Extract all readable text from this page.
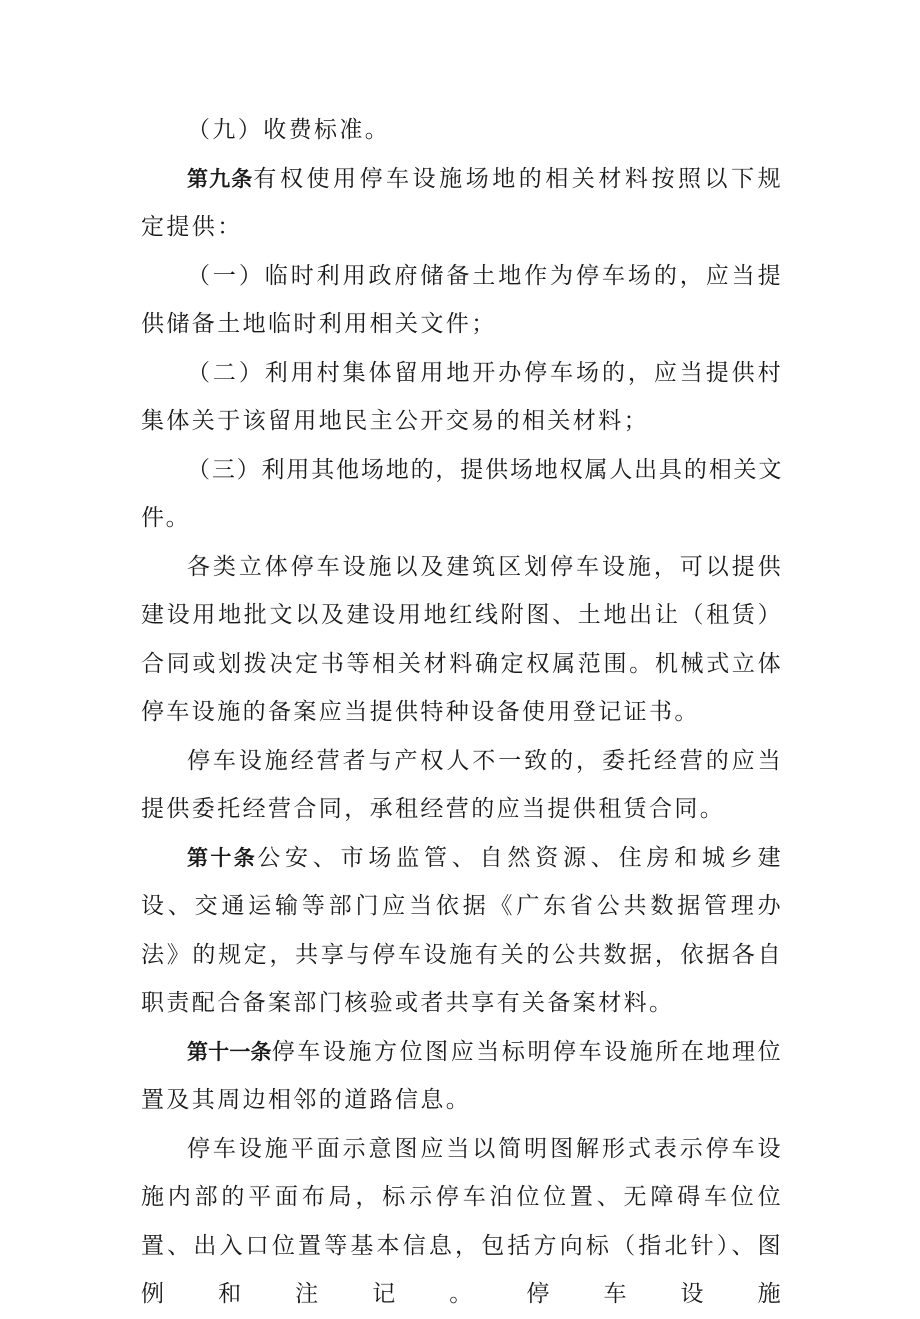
（九）收费标准。

第九条有权使用停车设施场地的相关材料按照以下规定提供：

（一）临时利用政府储备土地作为停车场的，应当提供储备土地临时利用相关文件；

（二）利用村集体留用地开办停车场的，应当提供村集体关于该留用地民主公开交易的相关材料；

（三）利用其他场地的，提供场地权属人出具的相关文件。

各类立体停车设施以及建筑区划停车设施，可以提供建设用地批文以及建设用地红线附图、土地出让（租赁）合同或划拨决定书等相关材料确定权属范围。机械式立体停车设施的备案应当提供特种设备使用登记证书。

停车设施经营者与产权人不一致的，委托经营的应当提供委托经营合同，承租经营的应当提供租赁合同。

第十条公安、市场监管、自然资源、住房和城乡建设、交通运输等部门应当依据《广东省公共数据管理办法》的规定，共享与停车设施有关的公共数据，依据各自职责配合备案部门核验或者共享有关备案材料。

第十一条停车设施方位图应当标明停车设施所在地理位置及其周边相邻的道路信息。

停车设施平面示意图应当以简明图解形式表示停车设施内部的平面布局，标示停车泊位位置、无障碍车位位置、出入口位置等基本信息，包括方向标（指北针）、图例和注记。停车设施
